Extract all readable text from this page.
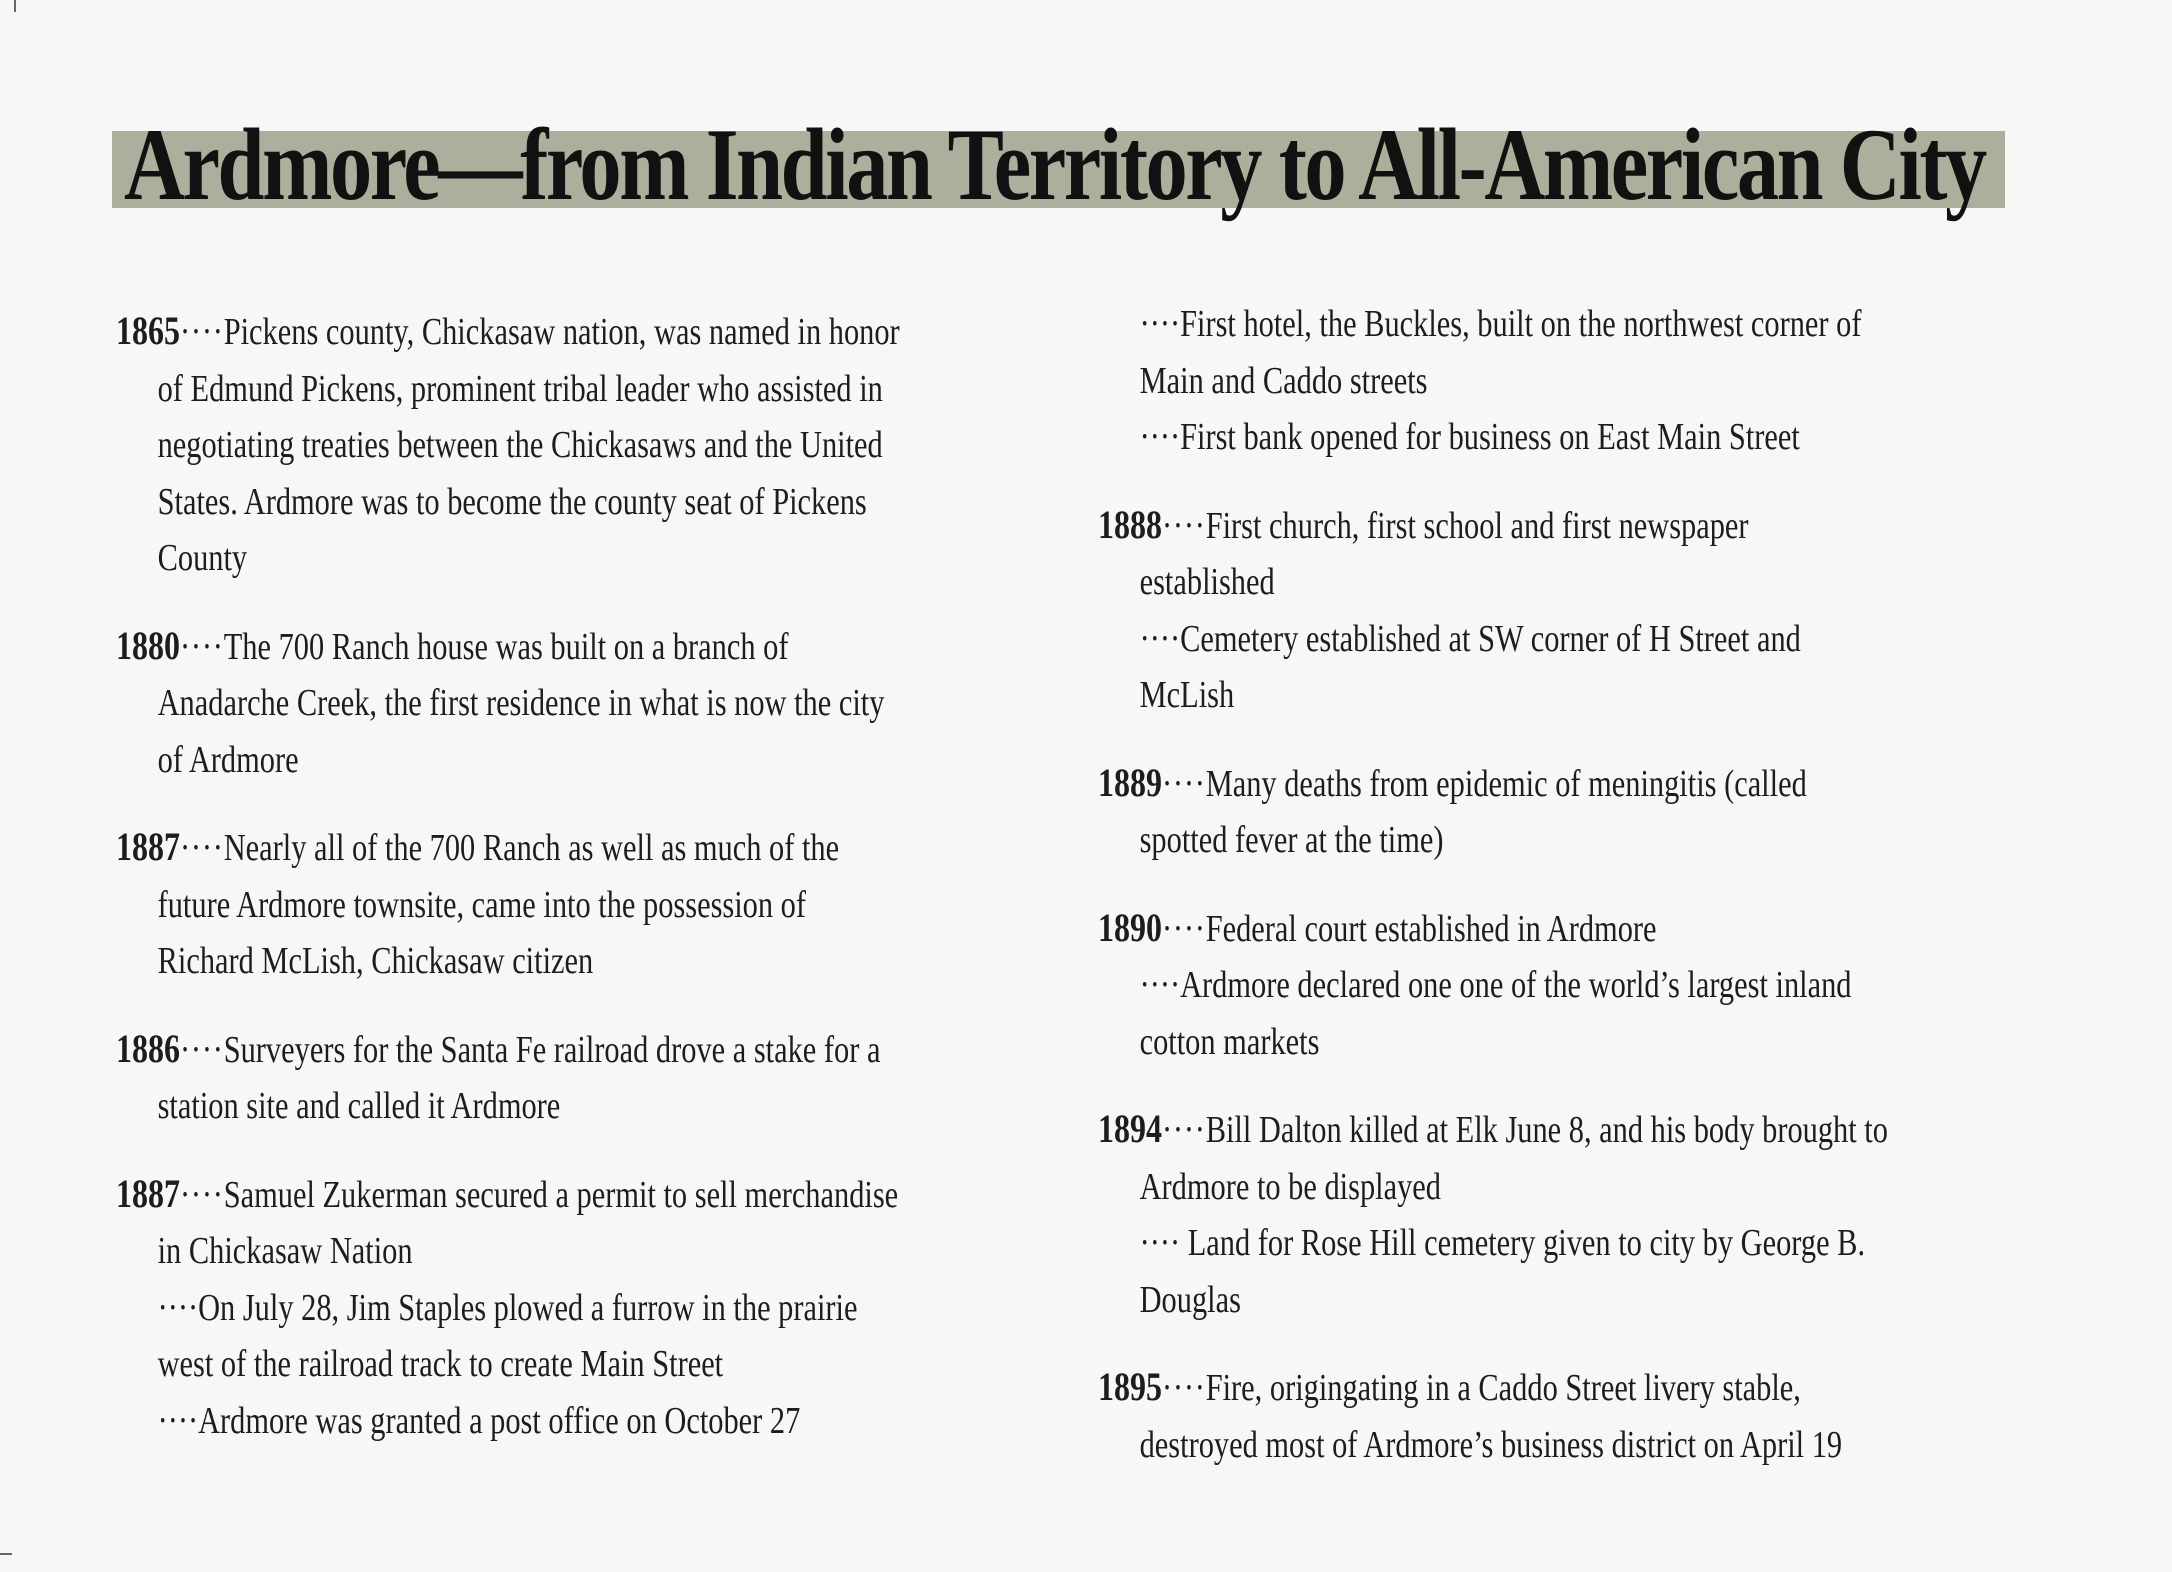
Ardmore—from Indian Territory to All-American City
1865····Pickens county, Chickasaw nation, was named in honor
of Edmund Pickens, prominent tribal leader who assisted in
negotiating treaties between the Chickasaws and the United
States. Ardmore was to become the county seat of Pickens
County
1880····The 700 Ranch house was built on a branch of
Anadarche Creek, the first residence in what is now the city
of Ardmore
1887····Nearly all of the 700 Ranch as well as much of the
future Ardmore townsite, came into the possession of
Richard McLish, Chickasaw citizen
1886····Surveyers for the Santa Fe railroad drove a stake for a
station site and called it Ardmore
1887····Samuel Zukerman secured a permit to sell merchandise
in Chickasaw Nation
····On July 28, Jim Staples plowed a furrow in the prairie
west of the railroad track to create Main Street
····Ardmore was granted a post office on October 27
····First hotel, the Buckles, built on the northwest corner of
Main and Caddo streets
····First bank opened for business on East Main Street
1888····First church, first school and first newspaper
established
····Cemetery established at SW corner of H Street and
McLish
1889····Many deaths from epidemic of meningitis (called
spotted fever at the time)
1890····Federal court established in Ardmore
····Ardmore declared one one of the world’s largest inland
cotton markets
1894····Bill Dalton killed at Elk June 8, and his body brought to
Ardmore to be displayed
···· Land for Rose Hill cemetery given to city by George B.
Douglas
1895····Fire, origingating in a Caddo Street livery stable,
destroyed most of Ardmore’s business district on April 19
